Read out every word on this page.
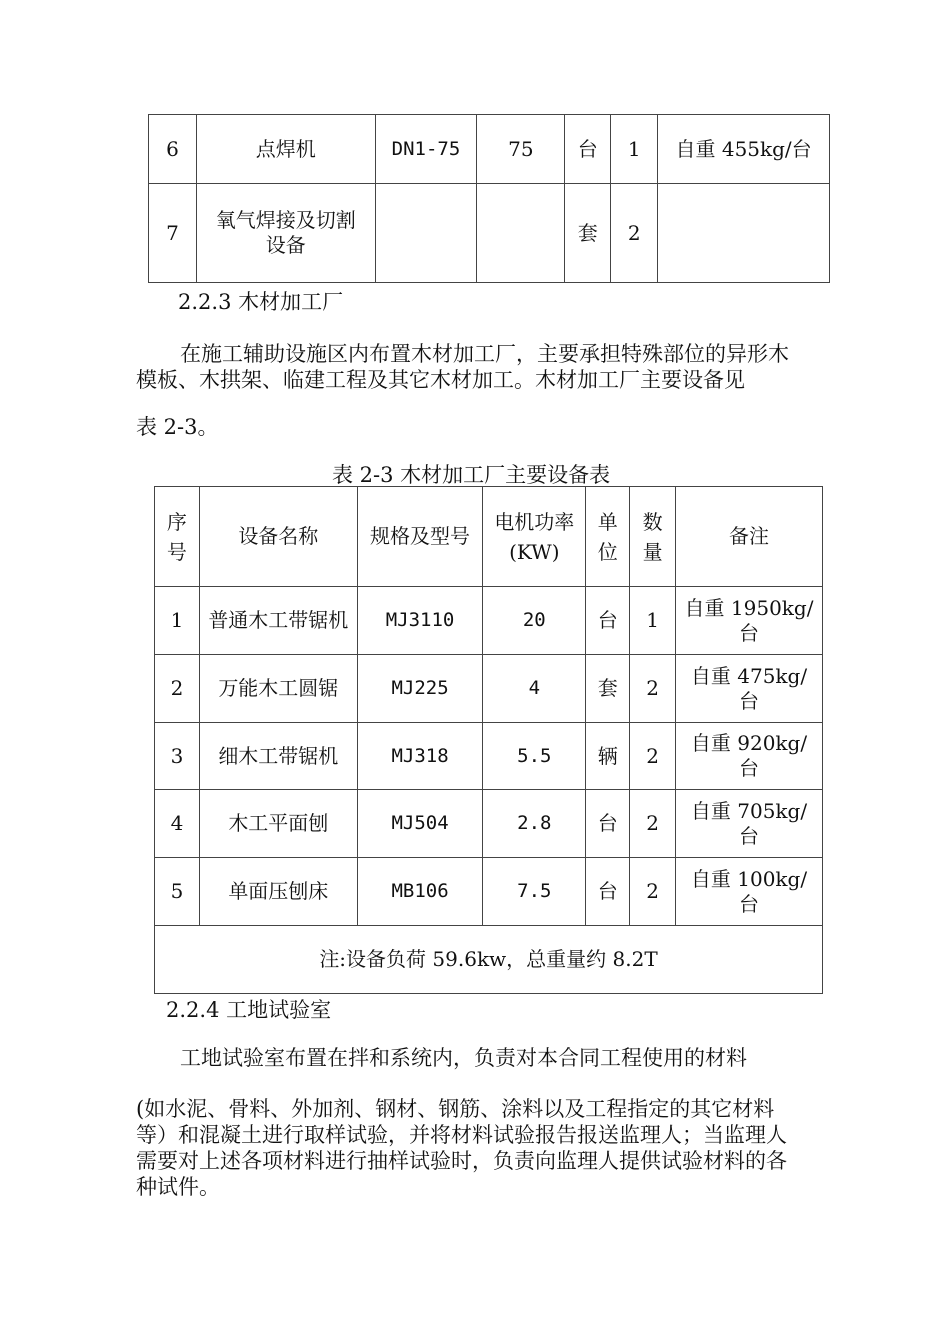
6	点焊机	DN1-75	75	台	1	自重 455kg/台
7	氧气焊接及切割设备			套	2	

2.2.3 木材加工厂

在施工辅助设施区内布置木材加工厂，主要承担特殊部位的异形木

模板、木拱架、临建工程及其它木材加工。木材加工厂主要设备见

表 2-3。

表 2-3 木材加工厂主要设备表

序号	设备名称	规格及型号	电机功率(KW)	单位	数量	备注
1	普通木工带锯机	MJ3110	20	台	1	自重 1950kg/台

2	万能木工圆锯	MJ225	4	套	2	自重 475kg/台

3	细木工带锯机	MJ318	5.5	辆	2	自重 920kg/台

4	木工平面刨	MJ504	2.8	台	2	自重 705kg/台

5	单面压刨床	MB106	7.5	台	2	自重 100kg/台

注:设备负荷 59.6kw，总重量约 8.2T						

2.2.4 工地试验室

工地试验室布置在拌和系统内，负责对本合同工程使用的材料

(如水泥、骨料、外加剂、钢材、钢筋、涂料以及工程指定的其它材料

等）和混凝土进行取样试验，并将材料试验报告报送监理人；当监理人

需要对上述各项材料进行抽样试验时，负责向监理人提供试验材料的各

种试件。
